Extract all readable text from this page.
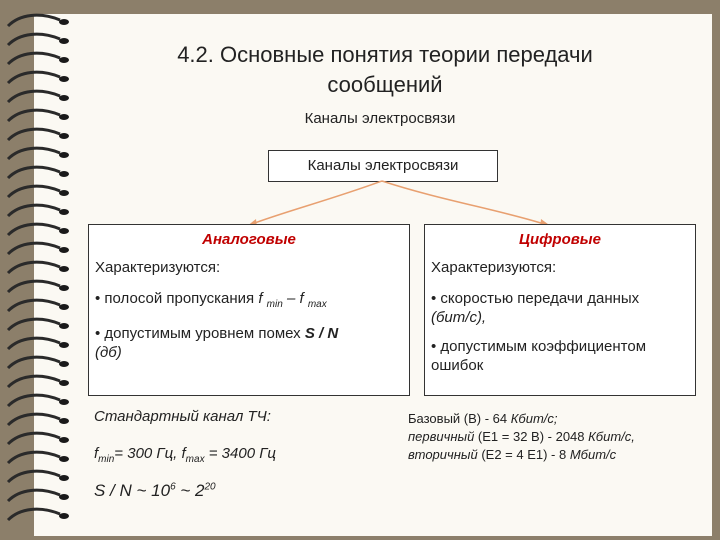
4.2. Основные понятия теории передачи
сообщений
Каналы электросвязи
Каналы электросвязи
Аналоговые
Характеризуются:
• полосой пропускания f $_{min}$ – f $_{max}$
• допустимым уровнем помех S / N
(дб)
Цифровые
Характеризуются:
• скоростью передачи данных
(бит/с),
• допустимым коэффициентом
ошибок
Стандартный канал ТЧ:
$f_{min}= 300$ Гц, $f_{max} = 3400$ Гц
S / N ~ $10^6$ ~ $2^{20}$
Базовый (В) - 64 Кбит/с;
первичный (Е1 = 32 В) - 2048 Кбит/с,
вторичный (Е2 = 4 Е1) - 8 Мбит/с
